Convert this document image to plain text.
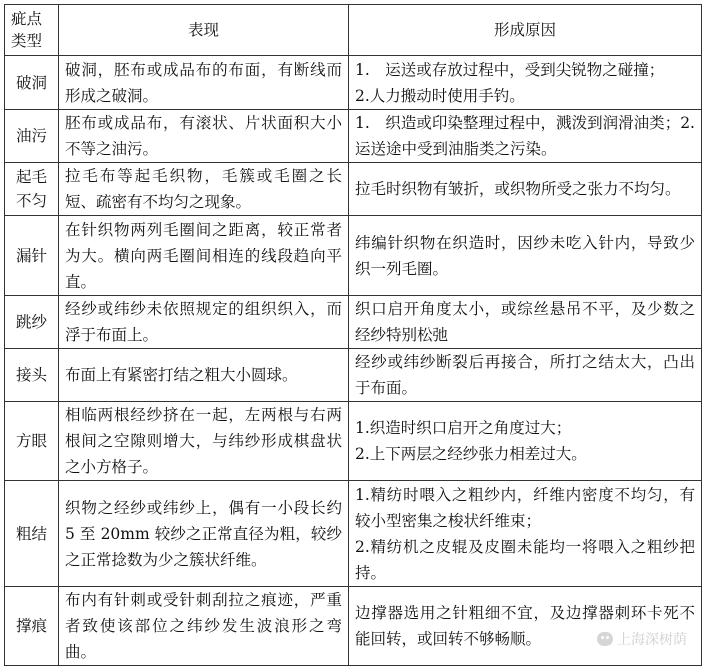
疵点
类型	表现	形成原因
破洞	破洞，胚布或成品布的布面，有断线而形成之破洞。	1.　运送或存放过程中，受到尖锐物之碰撞；
2.人力搬动时使用手钓。

油污	胚布或成品布，有滚状、片状面积大小不等之油污。	1.　织造或印染整理过程中，溅泼到润滑油类；2.运送途中受到油脂类之污染。

起毛不匀	拉毛布等起毛织物，毛簇或毛圈之长短、疏密有不均匀之现象。	拉毛时织物有皱折，或织物所受之张力不均匀。

漏针	在针织物两列毛圈间之距离，较正常者为大。横向两毛圈间相连的线段趋向平直。	纬编针织物在织造时，因纱未吃入针内，导致少织一列毛圈。

跳纱	经纱或纬纱未依照规定的组织织入，而浮于布面上。	织口启开角度太小，或综丝悬吊不平，及少数之经纱特别松弛

接头	布面上有紧密打结之粗大小圆球。	经纱或纬纱断裂后再接合，所打之结太大，凸出于布面。

方眼	相临两根经纱挤在一起，左两根与右两根间之空隙则增大，与纬纱形成棋盘状之小方格子。	1.织造时织口启开之角度过大；
2.上下两层之经纱张力相差过大。

粗结	织物之经纱或纬纱上，偶有一小段长约 5 至 20mm 较纱之正常直径为粗，较纱之正常捻数为少之簇状纤维。	1.精纺时喂入之粗纱内，纤维内密度不均匀，有较小型密集之梭状纤维束；
2.精纺机之皮辊及皮圈未能均一将喂入之粗纱把持。

撑痕	布内有针刺或受针刺刮拉之痕迹，严重者致使该部位之纬纱发生波浪形之弯曲。	边撑器选用之针粗细不宜，及边撑器刺环卡死不能回转，或回转不够畅顺。	上海深树荫
